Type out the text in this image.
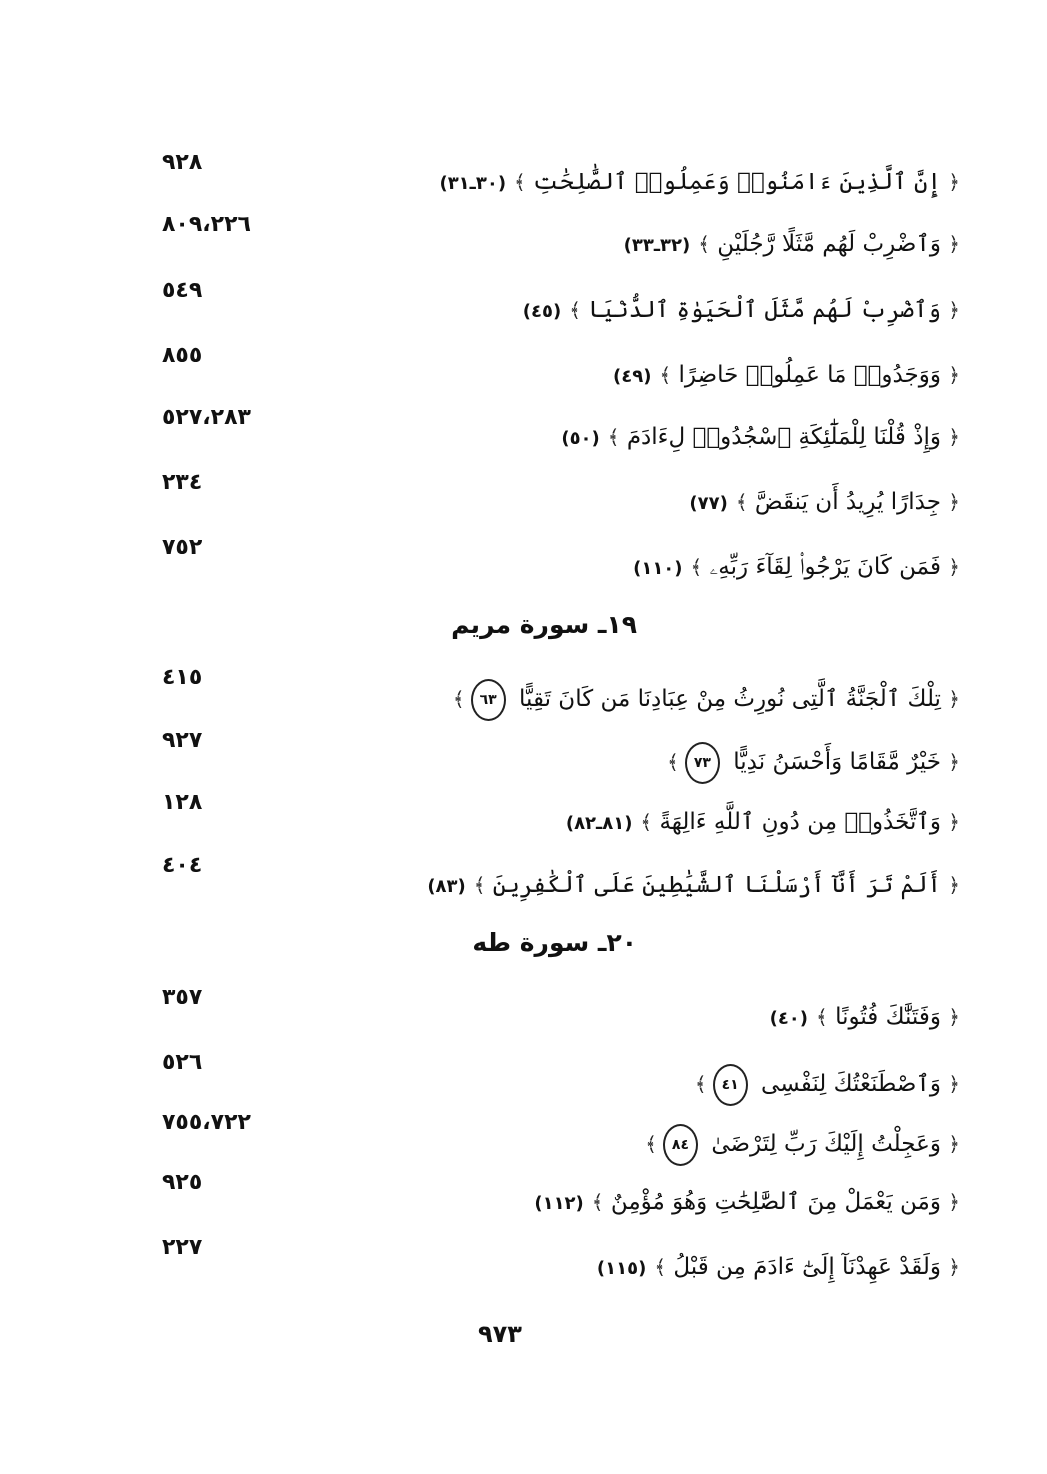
٩٢٨
﴿ إِنَّ ٱلَّذِينَ ءَامَنُوا۟ وَعَمِلُوا۟ ٱلصَّٰلِحَٰتِ ﴾(٣٠ـ٣١)
٨٠٩،٢٢٦
﴿ وَٱضْرِبْ لَهُم مَّثَلًا رَّجُلَيْنِ ﴾(٣٢ـ٣٣)
٥٤٩
﴿ وَٱضْرِبْ لَهُم مَّثَلَ ٱلْحَيَوٰةِ ٱلدُّنْيَا ﴾(٤٥)
٨٥٥
﴿ وَوَجَدُوا۟ مَا عَمِلُوا۟ حَاضِرًا ﴾(٤٩)
٥٢٧،٢٨٣
﴿ وَإِذْ قُلْنَا لِلْمَلَٰٓئِكَةِ ٱسْجُدُوا۟ لِءَادَمَ ﴾(٥٠)
٢٣٤
﴿ جِدَارًا يُرِيدُ أَن يَنقَضَّ ﴾(٧٧)
٧٥٢
﴿ فَمَن كَانَ يَرْجُوا۟ لِقَآءَ رَبِّهِۦ ﴾(١١٠)
١٩ـ سورة مريم
٤١٥
﴿ تِلْكَ ٱلْجَنَّةُ ٱلَّتِى نُورِثُ مِنْ عِبَادِنَا مَن كَانَ تَقِيًّا ٦٣﴾
٩٢٧
﴿ خَيْرٌ مَّقَامًا وَأَحْسَنُ نَدِيًّا ٧٣﴾
١٢٨
﴿ وَٱتَّخَذُوا۟ مِن دُونِ ٱللَّهِ ءَالِهَةً ﴾(٨١ـ٨٢)
٤٠٤
﴿ أَلَمْ تَرَ أَنَّآ أَرْسَلْنَا ٱلشَّيَٰطِينَ عَلَى ٱلْكَٰفِرِينَ ﴾(٨٣)
٢٠ـ سورة طه
٣٥٧
﴿ وَفَتَنَّٰكَ فُتُونًا ﴾(٤٠)
٥٢٦
﴿ وَٱصْطَنَعْتُكَ لِنَفْسِى ٤١﴾
٧٥٥،٧٢٢
﴿ وَعَجِلْتُ إِلَيْكَ رَبِّ لِتَرْضَىٰ ٨٤﴾
٩٢٥
﴿ وَمَن يَعْمَلْ مِنَ ٱلصَّٰلِحَٰتِ وَهُوَ مُؤْمِنٌ ﴾(١١٢)
٢٢٧
﴿ وَلَقَدْ عَهِدْنَآ إِلَىٰٓ ءَادَمَ مِن قَبْلُ ﴾(١١٥)
٩٧٣
